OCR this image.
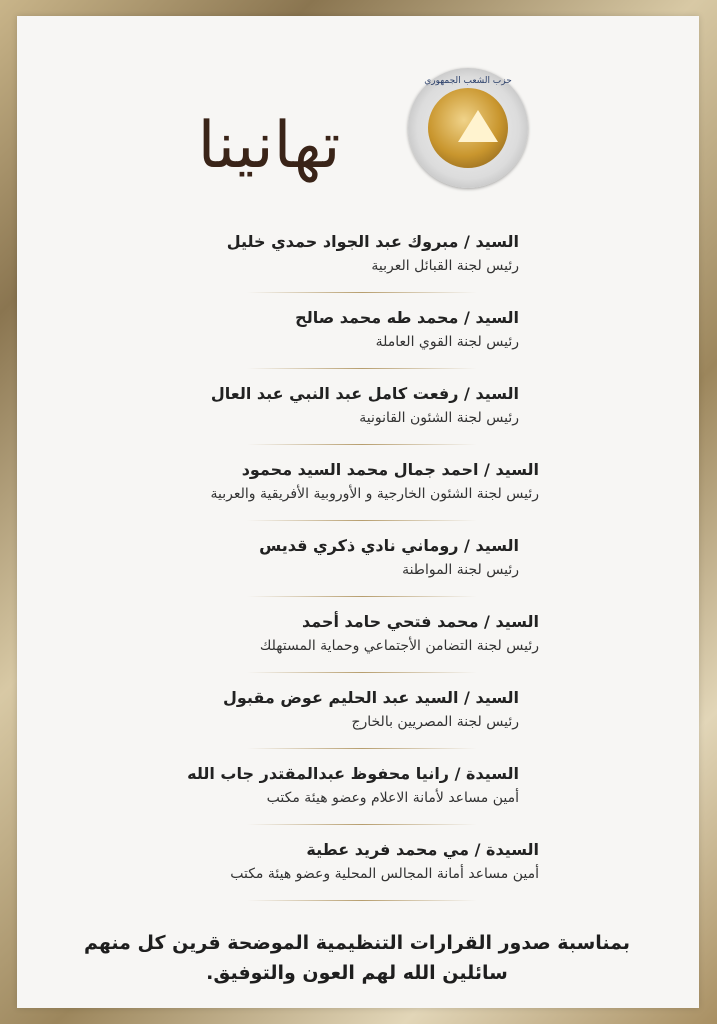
تهانينا
حزب الشعب الجمهوري
السيد / مبروك عبد الجواد حمدي خليل
رئيس لجنة القبائل العربية
السيد / محمد طه محمد صالح
رئيس لجنة القوي العاملة
السيد / رفعت كامل عبد النبي عبد العال
رئيس لجنة الشئون القانونية
السيد / احمد جمال محمد السيد محمود
رئيس لجنة الشئون الخارجية و الأوروبية الأفريقية والعربية
السيد / روماني نادي ذكري قديس
رئيس لجنة المواطنة
السيد / محمد فتحي حامد أحمد
رئيس لجنة التضامن الأجتماعي وحماية المستهلك
السيد / السيد عبد الحليم عوض مقبول
رئيس لجنة المصريين بالخارج
السيدة / رانيا محفوظ عبدالمقتدر جاب الله
أمين مساعد لأمانة الاعلام وعضو هيئة مكتب
السيدة / مي محمد فريد عطية
أمين مساعد أمانة المجالس المحلية وعضو هيئة مكتب
بمناسبة صدور القرارات التنظيمية الموضحة قرين كل منهم
سائلين الله لهم العون والتوفيق.
